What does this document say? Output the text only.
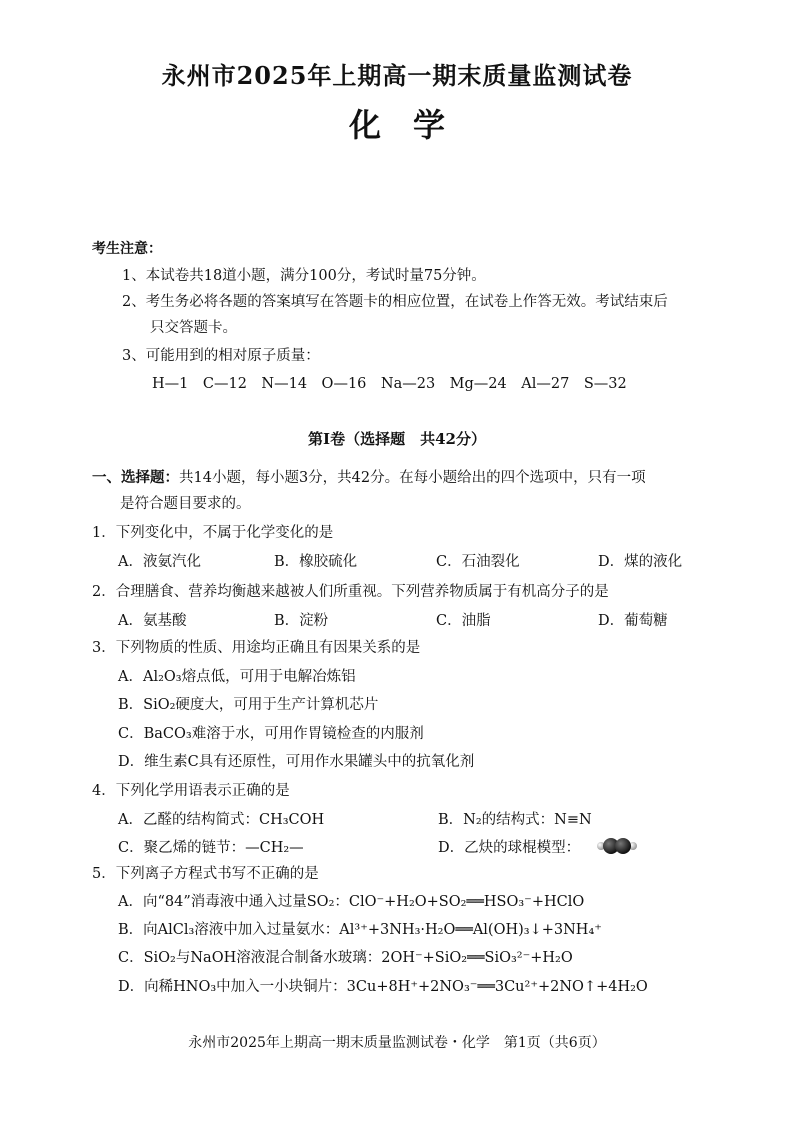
永州市2025年上期高一期末质量监测试卷
化　学
考生注意：
1、本试卷共18道小题，满分100分，考试时量75分钟。
2、考生务必将各题的答案填写在答题卡的相应位置，在试卷上作答无效。考试结束后
只交答题卡。
3、可能用到的相对原子质量：
H—1　C—12　N—14　O—16　Na—23　Mg—24　Al—27　S—32
第Ⅰ卷（选择题　共42分）
一、选择题：共14小题，每小题3分，共42分。在每小题给出的四个选项中，只有一项
是符合题目要求的。
1．下列变化中，不属于化学变化的是
A．液氨汽化	B．橡胶硫化	C．石油裂化	D．煤的液化
2．合理膳食、营养均衡越来越被人们所重视。下列营养物质属于有机高分子的是
A．氨基酸	B．淀粉	C．油脂	D．葡萄糖
3．下列物质的性质、用途均正确且有因果关系的是
A．Al₂O₃熔点低，可用于电解冶炼铝
B．SiO₂硬度大，可用于生产计算机芯片
C．BaCO₃难溶于水，可用作胃镜检查的内服剂
D．维生素C具有还原性，可用作水果罐头中的抗氧化剂
4．下列化学用语表示正确的是
A．乙醛的结构简式：CH₃COH	B．N₂的结构式：N≡N
C．聚乙烯的链节：—CH₂—	D．乙炔的球棍模型：
5．下列离子方程式书写不正确的是
A．向“84”消毒液中通入过量SO₂：ClO⁻+H₂O+SO₂══HSO₃⁻+HClO
B．向AlCl₃溶液中加入过量氨水：Al³⁺+3NH₃·H₂O══Al(OH)₃↓+3NH₄⁺
C．SiO₂与NaOH溶液混合制备水玻璃：2OH⁻+SiO₂══SiO₃²⁻+H₂O
D．向稀HNO₃中加入一小块铜片：3Cu+8H⁺+2NO₃⁻══3Cu²⁺+2NO↑+4H₂O
永州市2025年上期高一期末质量监测试卷・化学　第1页（共6页）
